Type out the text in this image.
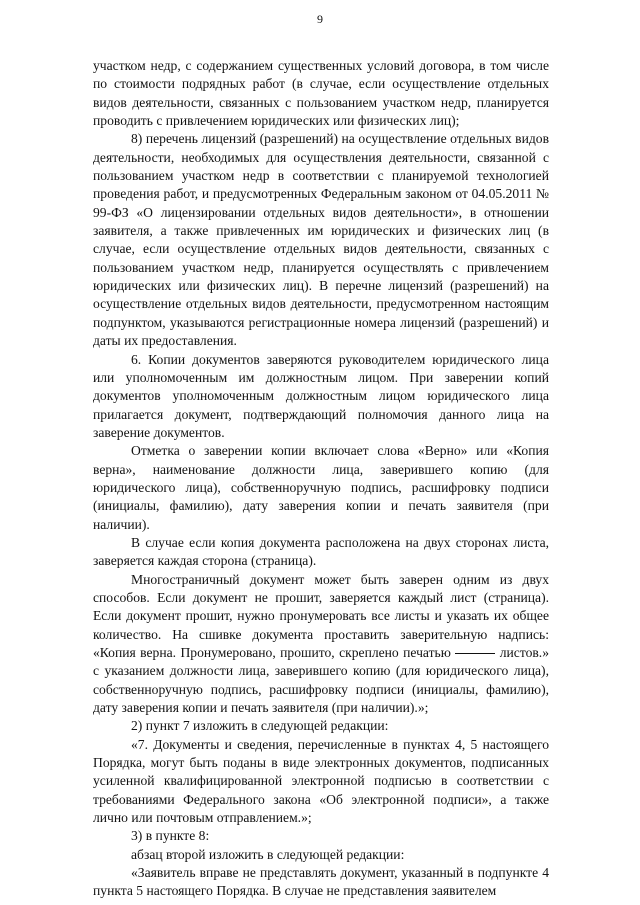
9

участком недр, с содержанием существенных условий договора, в том числе по стоимости подрядных работ (в случае, если осуществление отдельных видов деятельности, связанных с пользованием участком недр, планируется проводить с привлечением юридических или физических лиц);

8) перечень лицензий (разрешений) на осуществление отдельных видов деятельности, необходимых для осуществления деятельности, связанной с пользованием участком недр в соответствии с планируемой технологией проведения работ, и предусмотренных Федеральным законом от 04.05.2011 № 99-ФЗ «О лицензировании отдельных видов деятельности», в отношении заявителя, а также привлеченных им юридических и физических лиц (в случае, если осуществление отдельных видов деятельности, связанных с пользованием участком недр, планируется осуществлять с привлечением юридических или физических лиц). В перечне лицензий (разрешений) на осуществление отдельных видов деятельности, предусмотренном настоящим подпунктом, указываются регистрационные номера лицензий (разрешений) и даты их предоставления.

6. Копии документов заверяются руководителем юридического лица или уполномоченным им должностным лицом. При заверении копий документов уполномоченным должностным лицом юридического лица прилагается документ, подтверждающий полномочия данного лица на заверение документов.

Отметка о заверении копии включает слова «Верно» или «Копия верна», наименование должности лица, заверившего копию (для юридического лица), собственноручную подпись, расшифровку подписи (инициалы, фамилию), дату заверения копии и печать заявителя (при наличии).

В случае если копия документа расположена на двух сторонах листа, заверяется каждая сторона (страница).

Многостраничный документ может быть заверен одним из двух способов. Если документ не прошит, заверяется каждый лист (страница). Если документ прошит, нужно пронумеровать все листы и указать их общее количество. На сшивке документа проставить заверительную надпись: «Копия верна. Пронумеровано, прошито, скреплено печатью	листов.» с указанием должности лица, заверившего копию (для юридического лица), собственноручную подпись, расшифровку подписи (инициалы, фамилию), дату заверения копии и печать заявителя (при наличии).»;

2) пункт 7 изложить в следующей редакции:

«7. Документы и сведения, перечисленные в пунктах 4, 5 настоящего Порядка, могут быть поданы в виде электронных документов, подписанных усиленной квалифицированной электронной подписью в соответствии с требованиями Федерального закона «Об электронной подписи», а также лично или почтовым отправлением.»;

3) в пункте 8:

абзац второй изложить в следующей редакции:

«Заявитель вправе не представлять документ, указанный в подпункте 4 пункта 5 настоящего Порядка. В случае не представления заявителем
